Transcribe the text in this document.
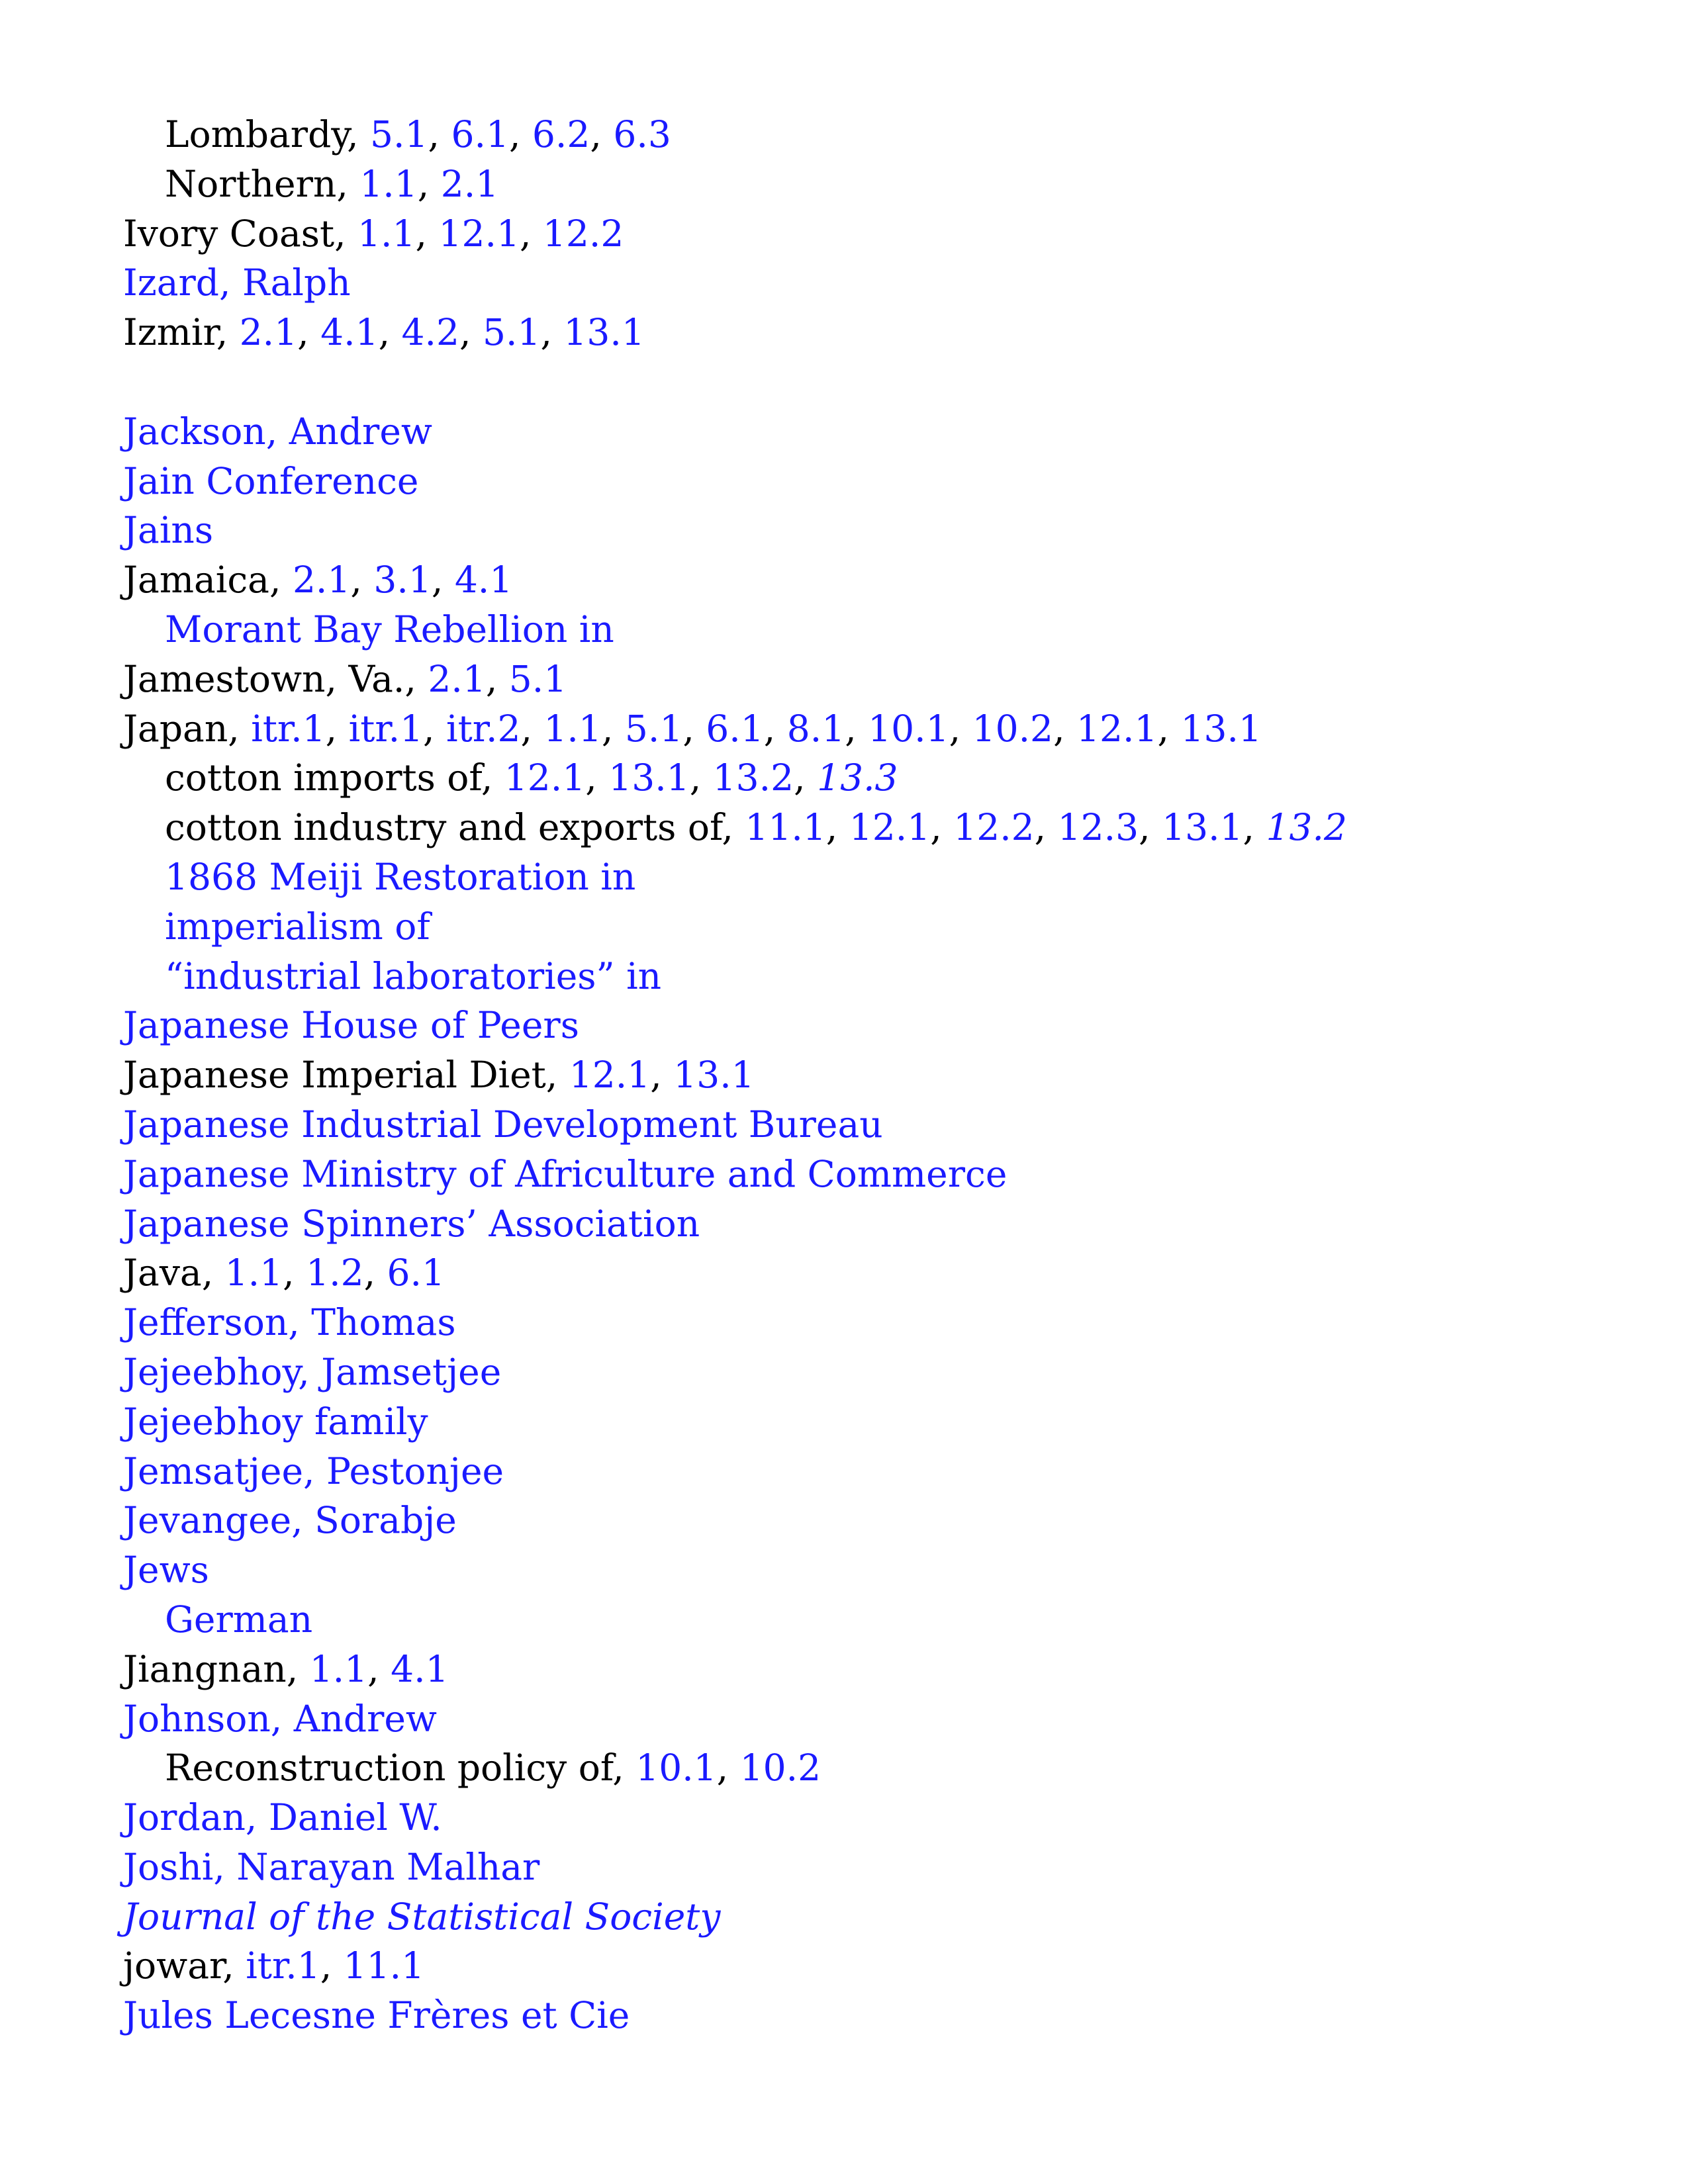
Lombardy, 5.1, 6.1, 6.2, 6.3
Northern, 1.1, 2.1
Ivory Coast, 1.1, 12.1, 12.2
Izard, Ralph
Izmir, 2.1, 4.1, 4.2, 5.1, 13.1
Jackson, Andrew
Jain Conference
Jains
Jamaica, 2.1, 3.1, 4.1
Morant Bay Rebellion in
Jamestown, Va., 2.1, 5.1
Japan, itr.1, itr.1, itr.2, 1.1, 5.1, 6.1, 8.1, 10.1, 10.2, 12.1, 13.1
cotton imports of, 12.1, 13.1, 13.2, 13.3
cotton industry and exports of, 11.1, 12.1, 12.2, 12.3, 13.1, 13.2
1868 Meiji Restoration in
imperialism of
“industrial laboratories” in
Japanese House of Peers
Japanese Imperial Diet, 12.1, 13.1
Japanese Industrial Development Bureau
Japanese Ministry of Africulture and Commerce
Japanese Spinners’ Association
Java, 1.1, 1.2, 6.1
Jefferson, Thomas
Jejeebhoy, Jamsetjee
Jejeebhoy family
Jemsatjee, Pestonjee
Jevangee, Sorabje
Jews
German
Jiangnan, 1.1, 4.1
Johnson, Andrew
Reconstruction policy of, 10.1, 10.2
Jordan, Daniel W.
Joshi, Narayan Malhar
Journal of the Statistical Society
jowar, itr.1, 11.1
Jules Lecesne Frères et Cie
